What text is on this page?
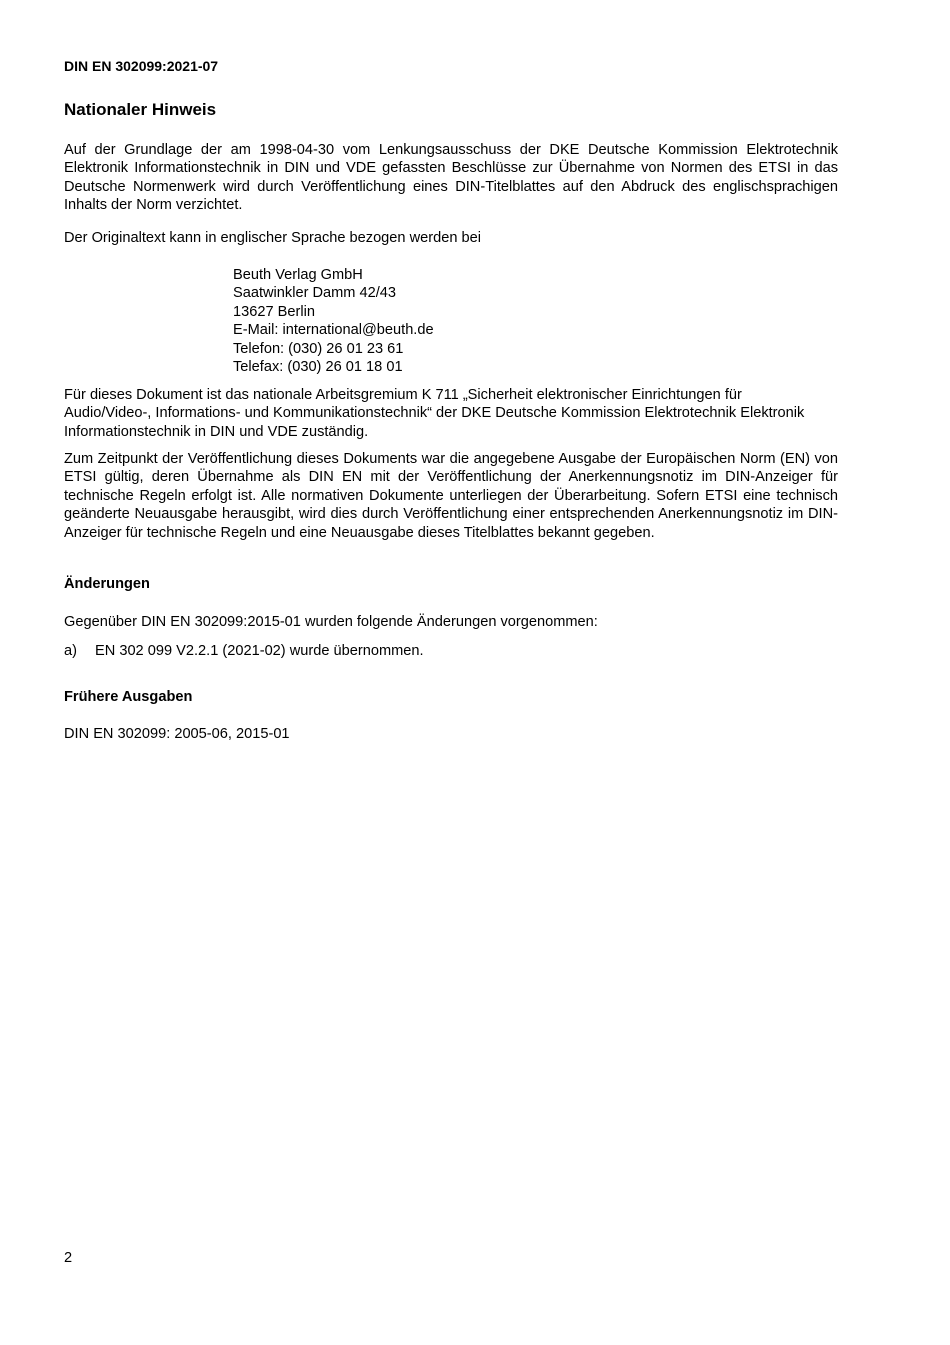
DIN EN 302099:2021-07
Nationaler Hinweis

Auf der Grundlage der am 1998-04-30 vom Lenkungsausschuss der DKE Deutsche Kommission Elektrotechnik Elektronik Informationstechnik in DIN und VDE gefassten Beschlüsse zur Übernahme von Normen des ETSI in das Deutsche Normenwerk wird durch Veröffentlichung eines DIN-Titelblattes auf den Abdruck des englischsprachigen Inhalts der Norm verzichtet.

Der Originaltext kann in englischer Sprache bezogen werden bei

Beuth Verlag GmbH
Saatwinkler Damm 42/43
13627 Berlin
E-Mail: international@beuth.de
Telefon: (030) 26 01 23 61
Telefax: (030) 26 01 18 01

Für dieses Dokument ist das nationale Arbeitsgremium K 711 „Sicherheit elektronischer Einrichtungen für Audio/Video-, Informations- und Kommunikationstechnik“ der DKE Deutsche Kommission Elektrotechnik Elektronik Informationstechnik in DIN und VDE zuständig.

Zum Zeitpunkt der Veröffentlichung dieses Dokuments war die angegebene Ausgabe der Europäischen Norm (EN) von ETSI gültig, deren Übernahme als DIN EN mit der Veröffentlichung der Anerkennungsnotiz im DIN-Anzeiger für technische Regeln erfolgt ist. Alle normativen Dokumente unterliegen der Überarbeitung. Sofern ETSI eine technisch geänderte Neuausgabe herausgibt, wird dies durch Veröffentlichung einer entsprechenden Anerkennungsnotiz im DIN-Anzeiger für technische Regeln und eine Neuausgabe dieses Titelblattes bekannt gegeben.

Änderungen

Gegenüber DIN EN 302099:2015-01 wurden folgende Änderungen vorgenommen:

a) EN 302 099 V2.2.1 (2021-02) wurde übernommen.
Frühere Ausgaben

DIN EN 302099: 2005-06, 2015-01

2
